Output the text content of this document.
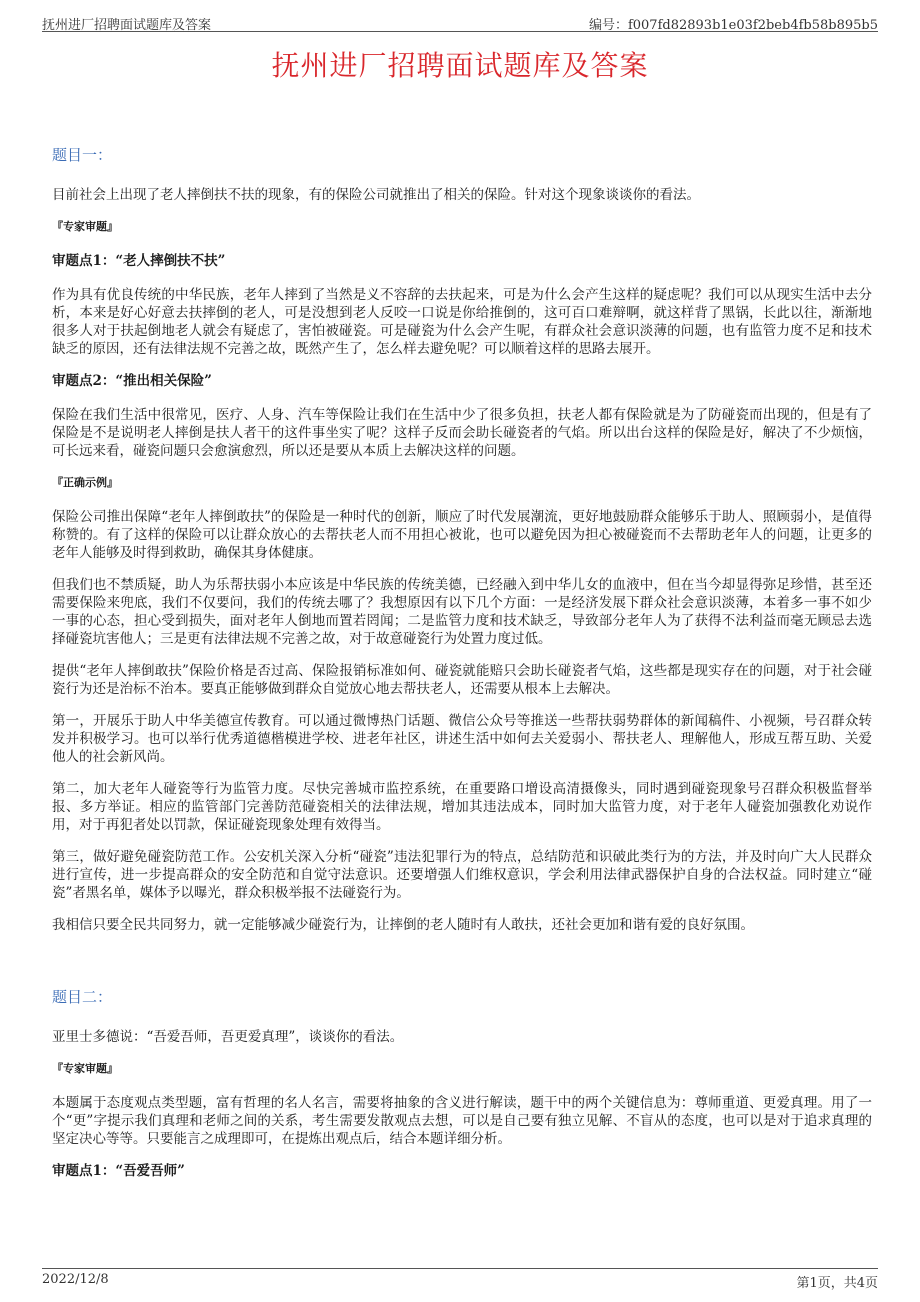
抚州进厂招聘面试题库及答案	编号：f007fd82893b1e03f2beb4fb58b895b5
抚州进厂招聘面试题库及答案
题目一：

目前社会上出现了老人摔倒扶不扶的现象，有的保险公司就推出了相关的保险。针对这个现象谈谈你的看法。

『专家审题』
审题点1：“老人摔倒扶不扶”

作为具有优良传统的中华民族，老年人摔到了当然是义不容辞的去扶起来，可是为什么会产生这样的疑虑呢？我们可以从现实生活中去分析，本来是好心好意去扶摔倒的老人，可是没想到老人反咬一口说是你给推倒的，这可百口难辩啊，就这样背了黑锅，长此以往，渐渐地很多人对于扶起倒地老人就会有疑虑了，害怕被碰瓷。可是碰瓷为什么会产生呢，有群众社会意识淡薄的问题，也有监管力度不足和技术缺乏的原因，还有法律法规不完善之故，既然产生了，怎么样去避免呢？可以顺着这样的思路去展开。

审题点2：“推出相关保险”

保险在我们生活中很常见，医疗、人身、汽车等保险让我们在生活中少了很多负担，扶老人都有保险就是为了防碰瓷而出现的，但是有了保险是不是说明老人摔倒是扶人者干的这件事坐实了呢？这样子反而会助长碰瓷者的气焰。所以出台这样的保险是好，解决了不少烦恼，可长远来看，碰瓷问题只会愈演愈烈，所以还是要从本质上去解决这样的问题。

『正确示例』

保险公司推出保障“老年人摔倒敢扶”的保险是一种时代的创新，顺应了时代发展潮流，更好地鼓励群众能够乐于助人、照顾弱小，是值得称赞的。有了这样的保险可以让群众放心的去帮扶老人而不用担心被讹，也可以避免因为担心被碰瓷而不去帮助老年人的问题，让更多的老年人能够及时得到救助，确保其身体健康。

但我们也不禁质疑，助人为乐帮扶弱小本应该是中华民族的传统美德，已经融入到中华儿女的血液中，但在当今却显得弥足珍惜，甚至还需要保险来兜底，我们不仅要问，我们的传统去哪了？我想原因有以下几个方面：一是经济发展下群众社会意识淡薄，本着多一事不如少一事的心态，担心受到损失，面对老年人倒地而置若罔闻；二是监管力度和技术缺乏，导致部分老年人为了获得不法利益而毫无顾忌去选择碰瓷坑害他人；三是更有法律法规不完善之故，对于故意碰瓷行为处置力度过低。

提供“老年人摔倒敢扶”保险价格是否过高、保险报销标准如何、碰瓷就能赔只会助长碰瓷者气焰，这些都是现实存在的问题，对于社会碰瓷行为还是治标不治本。要真正能够做到群众自觉放心地去帮扶老人，还需要从根本上去解决。

第一，开展乐于助人中华美德宣传教育。可以通过微博热门话题、微信公众号等推送一些帮扶弱势群体的新闻稿件、小视频，号召群众转发并积极学习。也可以举行优秀道德楷模进学校、进老年社区，讲述生活中如何去关爱弱小、帮扶老人、理解他人，形成互帮互助、关爱他人的社会新风尚。

第二，加大老年人碰瓷等行为监管力度。尽快完善城市监控系统，在重要路口增设高清摄像头，同时遇到碰瓷现象号召群众积极监督举报、多方举证。相应的监管部门完善防范碰瓷相关的法律法规，增加其违法成本，同时加大监管力度，对于老年人碰瓷加强教化劝说作用，对于再犯者处以罚款，保证碰瓷现象处理有效得当。

第三，做好避免碰瓷防范工作。公安机关深入分析“碰瓷”违法犯罪行为的特点，总结防范和识破此类行为的方法，并及时向广大人民群众进行宣传，进一步提高群众的安全防范和自觉守法意识。还要增强人们维权意识，学会利用法律武器保护自身的合法权益。同时建立“碰瓷”者黑名单，媒体予以曝光，群众积极举报不法碰瓷行为。

我相信只要全民共同努力，就一定能够减少碰瓷行为，让摔倒的老人随时有人敢扶，还社会更加和谐有爱的良好氛围。

题目二：

亚里士多德说：“吾爱吾师，吾更爱真理”，谈谈你的看法。

『专家审题』

本题属于态度观点类型题，富有哲理的名人名言，需要将抽象的含义进行解读，题干中的两个关键信息为：尊师重道、更爱真理。用了一个“更”字提示我们真理和老师之间的关系，考生需要发散观点去想，可以是自己要有独立见解、不盲从的态度，也可以是对于追求真理的坚定决心等等。只要能言之成理即可，在提炼出观点后，结合本题详细分析。

审题点1：“吾爱吾师”
2022/12/8	第1页，共4页
